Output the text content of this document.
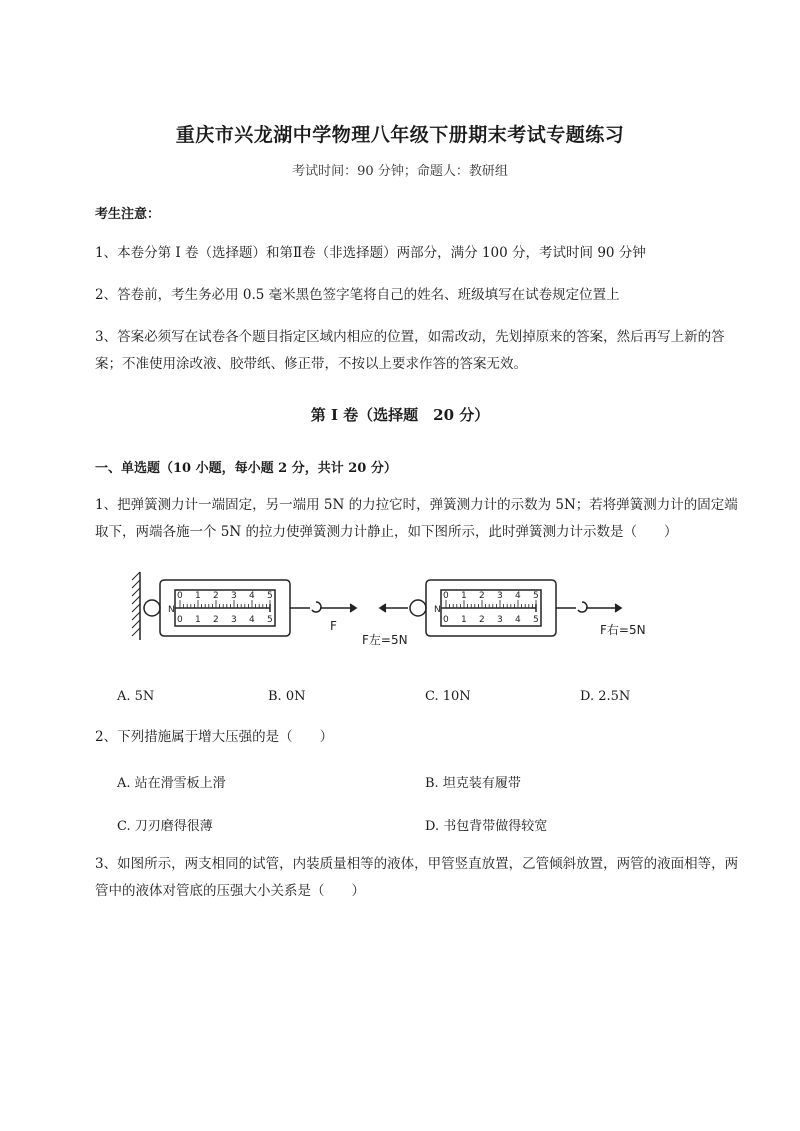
重庆市兴龙湖中学物理八年级下册期末考试专题练习
考试时间：90 分钟；命题人：教研组
考生注意：
1、本卷分第 I 卷（选择题）和第Ⅱ卷（非选择题）两部分，满分 100 分，考试时间 90 分钟
2、答卷前，考生务必用 0.5 毫米黑色签字笔将自己的姓名、班级填写在试卷规定位置上
3、答案必须写在试卷各个题目指定区域内相应的位置，如需改动，先划掉原来的答案，然后再写上新的答案；不准使用涂改液、胶带纸、修正带，不按以上要求作答的答案无效。
第 I 卷（选择题　20 分）
一、单选题（10 小题，每小题 2 分，共计 20 分）
1、把弹簧测力计一端固定，另一端用 5N 的力拉它时，弹簧测力计的示数为 5N；若将弹簧测力计的固定端取下，两端各施一个 5N 的拉力使弹簧测力计静止，如下图所示，此时弹簧测力计示数是（　　）
N	N
0
0
1
1
2
2
3
3
4
4
5
5
0
0
1
1
2
2
3
3
4
4
5
5
F
F左=5N
F右=5N
A. 5N	B. 0N	C. 10N	D. 2.5N
2、下列措施属于增大压强的是（　　）
A. 站在滑雪板上滑	B. 坦克装有履带
C. 刀刃磨得很薄	D. 书包背带做得较宽
3、如图所示，两支相同的试管，内装质量相等的液体，甲管竖直放置，乙管倾斜放置，两管的液面相等，两管中的液体对管底的压强大小关系是（　　）
